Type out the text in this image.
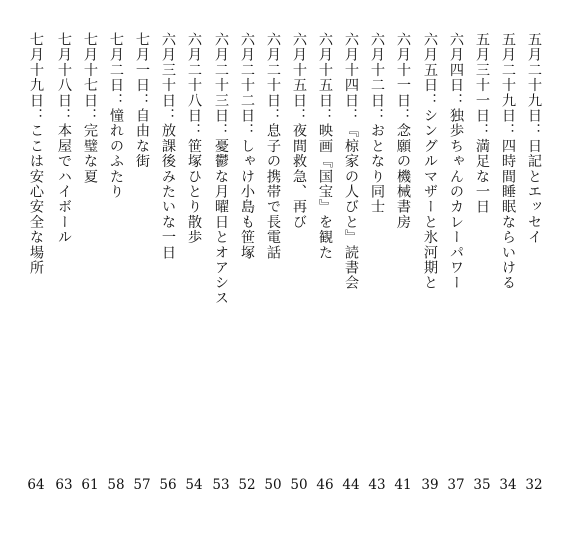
五月二十九日：日記とエッセイ
32
五月二十九日：四時間睡眠ならいける
34
五月三十一日：満足な一日
35
六月四日：独歩ちゃんのカレーパワー
37
六月五日：シングルマザーと氷河期と
39
六月十一日：念願の機械書房
41
六月十二日：おとなり同士
43
六月十四日：『椋家の人びと』読書会
44
六月十五日：映画『国宝』を観た
46
六月十五日：夜間救急、再び
50
六月二十日：息子の携帯で長電話
50
六月二十二日：しゃけ小島も笹塚
52
六月二十三日：憂鬱な月曜日とオアシス
53
六月二十八日：笹塚ひとり散歩
54
六月三十日：放課後みたいな一日
56
七月一日：自由な街
57
七月二日：憧れのふたり
58
七月十七日：完璧な夏
61
七月十八日：本屋でハイボール
63
七月十九日：ここは安心安全な場所
64
